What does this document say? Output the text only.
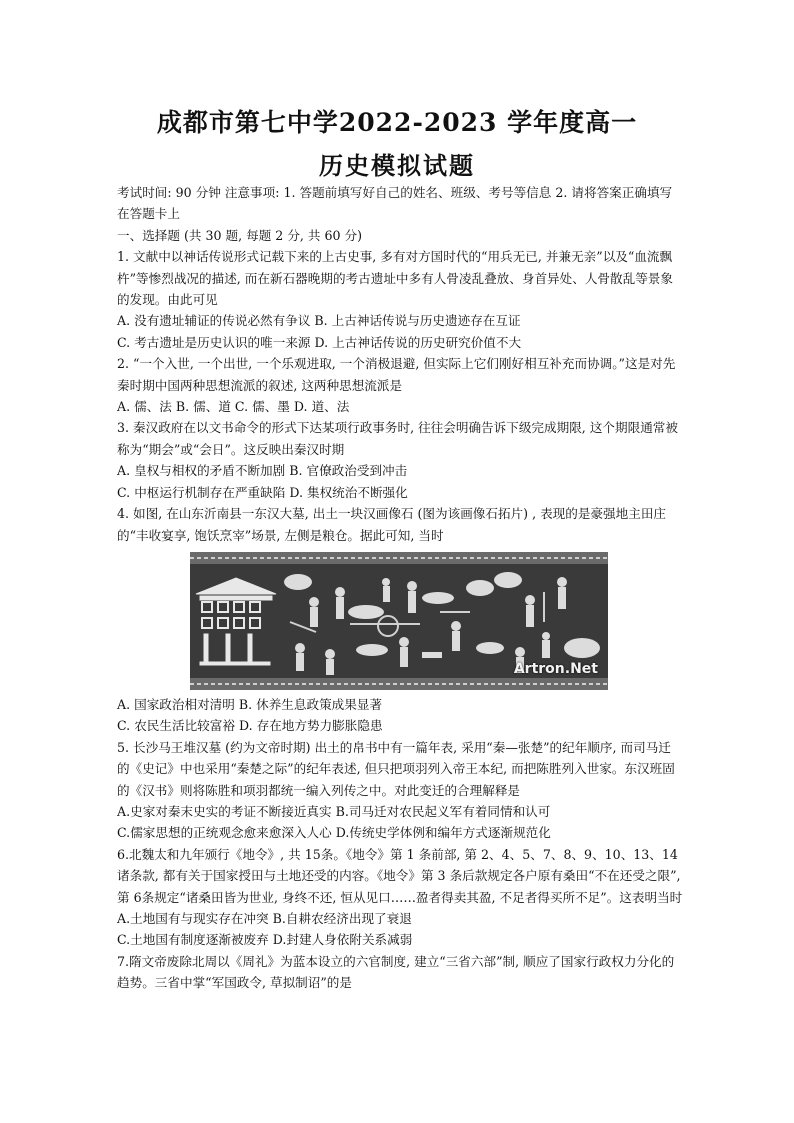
成都市第七中学2022-2023 学年度高一
历史模拟试题

考试时间: 90 分钟 注意事项: 1. 答题前填写好自己的姓名、班级、考号等信息 2. 请将答案正确填写在答题卡上

一、选择题 (共 30 题, 每题 2 分, 共 60 分)

1. 文献中以神话传说形式记载下来的上古史事, 多有对方国时代的“用兵无已, 并兼无亲”以及“血流飘杵”等惨烈战况的描述, 而在新石器晚期的考古遗址中多有人骨凌乱叠放、身首异处、人骨散乱等景象的发现。由此可见

A. 没有遗址辅证的传说必然有争议 B. 上古神话传说与历史遗迹存在互证

C. 考古遗址是历史认识的唯一来源 D. 上古神话传说的历史研究价值不大

2. “一个入世, 一个出世, 一个乐观进取, 一个消极退避, 但实际上它们刚好相互补充而协调。”这是对先秦时期中国两种思想流派的叙述, 这两种思想流派是

A. 儒、法 B. 儒、道 C. 儒、墨 D. 道、法

3. 秦汉政府在以文书命令的形式下达某项行政事务时, 往往会明确告诉下级完成期限, 这个期限通常被称为“期会”或“会日”。这反映出秦汉时期

A. 皇权与相权的矛盾不断加剧 B. 官僚政治受到冲击

C. 中枢运行机制存在严重缺陷 D. 集权统治不断强化

4. 如图, 在山东沂南县一东汉大墓, 出土一块汉画像石 (图为该画像石拓片) , 表现的是豪强地主田庄的“丰收宴享, 饱饫烹宰”场景, 左侧是粮仓。据此可知, 当时

Artron.Net

A. 国家政治相对清明 B. 休养生息政策成果显著

C. 农民生活比较富裕 D. 存在地方势力膨胀隐患

5. 长沙马王堆汉墓 (约为文帝时期) 出土的帛书中有一篇年表, 采用“秦—张楚”的纪年顺序, 而司马迁的《史记》中也采用“秦楚之际”的纪年表述, 但只把项羽列入帝王本纪, 而把陈胜列入世家。东汉班固的《汉书》则将陈胜和项羽都统一编入列传之中。对此变迁的合理解释是

A.史家对秦末史实的考证不断接近真实 B.司马迁对农民起义军有着同情和认可

C.儒家思想的正统观念愈来愈深入人心 D.传统史学体例和编年方式逐渐规范化

6.北魏太和九年颁行《地令》, 共 15条。《地令》第 1 条前部, 第 2、4、5、7、8、9、10、13、14 诸条款, 都有关于国家授田与土地还受的内容。《地令》第 3 条后款规定各户原有桑田“不在还受之限”, 第 6条规定“诸桑田皆为世业, 身终不还, 恒从见口……盈者得卖其盈, 不足者得买所不足”。这表明当时

A.土地国有与现实存在冲突 B.自耕农经济出现了衰退

C.土地国有制度逐渐被废弃 D.封建人身依附关系减弱

7.隋文帝废除北周以《周礼》为蓝本设立的六官制度, 建立“三省六部”制, 顺应了国家行政权力分化的趋势。三省中掌“军国政令, 草拟制诏”的是
